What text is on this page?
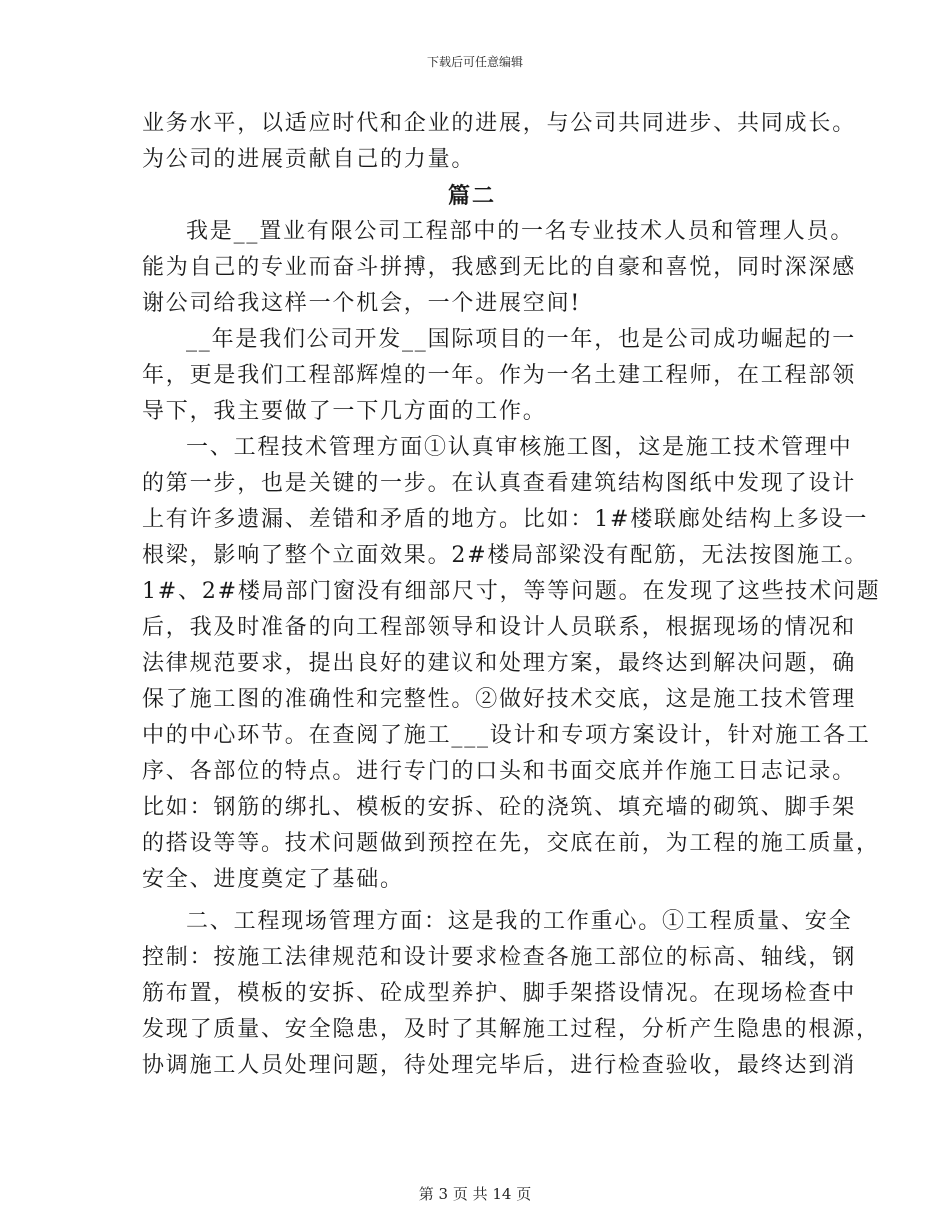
下载后可任意编辑
业务水平，以适应时代和企业的进展，与公司共同进步、共同成长。
为公司的进展贡献自己的力量。
篇二
我是__置业有限公司工程部中的一名专业技术人员和管理人员。
能为自己的专业而奋斗拼搏，我感到无比的自豪和喜悦，同时深深感
谢公司给我这样一个机会，一个进展空间!
__年是我们公司开发__国际项目的一年，也是公司成功崛起的一
年，更是我们工程部辉煌的一年。作为一名土建工程师，在工程部领
导下，我主要做了一下几方面的工作。
一、工程技术管理方面①认真审核施工图，这是施工技术管理中
的第一步，也是关键的一步。在认真查看建筑结构图纸中发现了设计
上有许多遗漏、差错和矛盾的地方。比如：1#楼联廊处结构上多设一
根梁，影响了整个立面效果。2#楼局部梁没有配筋，无法按图施工。
1#、2#楼局部门窗没有细部尺寸，等等问题。在发现了这些技术问题
后，我及时准备的向工程部领导和设计人员联系，根据现场的情况和
法律规范要求，提出良好的建议和处理方案，最终达到解决问题，确
保了施工图的准确性和完整性。②做好技术交底，这是施工技术管理
中的中心环节。在查阅了施工___设计和专项方案设计，针对施工各工
序、各部位的特点。进行专门的口头和书面交底并作施工日志记录。
比如：钢筋的绑扎、模板的安拆、砼的浇筑、填充墙的砌筑、脚手架
的搭设等等。技术问题做到预控在先，交底在前，为工程的施工质量，
安全、进度奠定了基础。
二、工程现场管理方面：这是我的工作重心。①工程质量、安全
控制：按施工法律规范和设计要求检查各施工部位的标高、轴线，钢
筋布置，模板的安拆、砼成型养护、脚手架搭设情况。在现场检查中
发现了质量、安全隐患，及时了其解施工过程，分析产生隐患的根源，
协调施工人员处理问题，待处理完毕后，进行检查验收，最终达到消
第 3 页 共 14 页
